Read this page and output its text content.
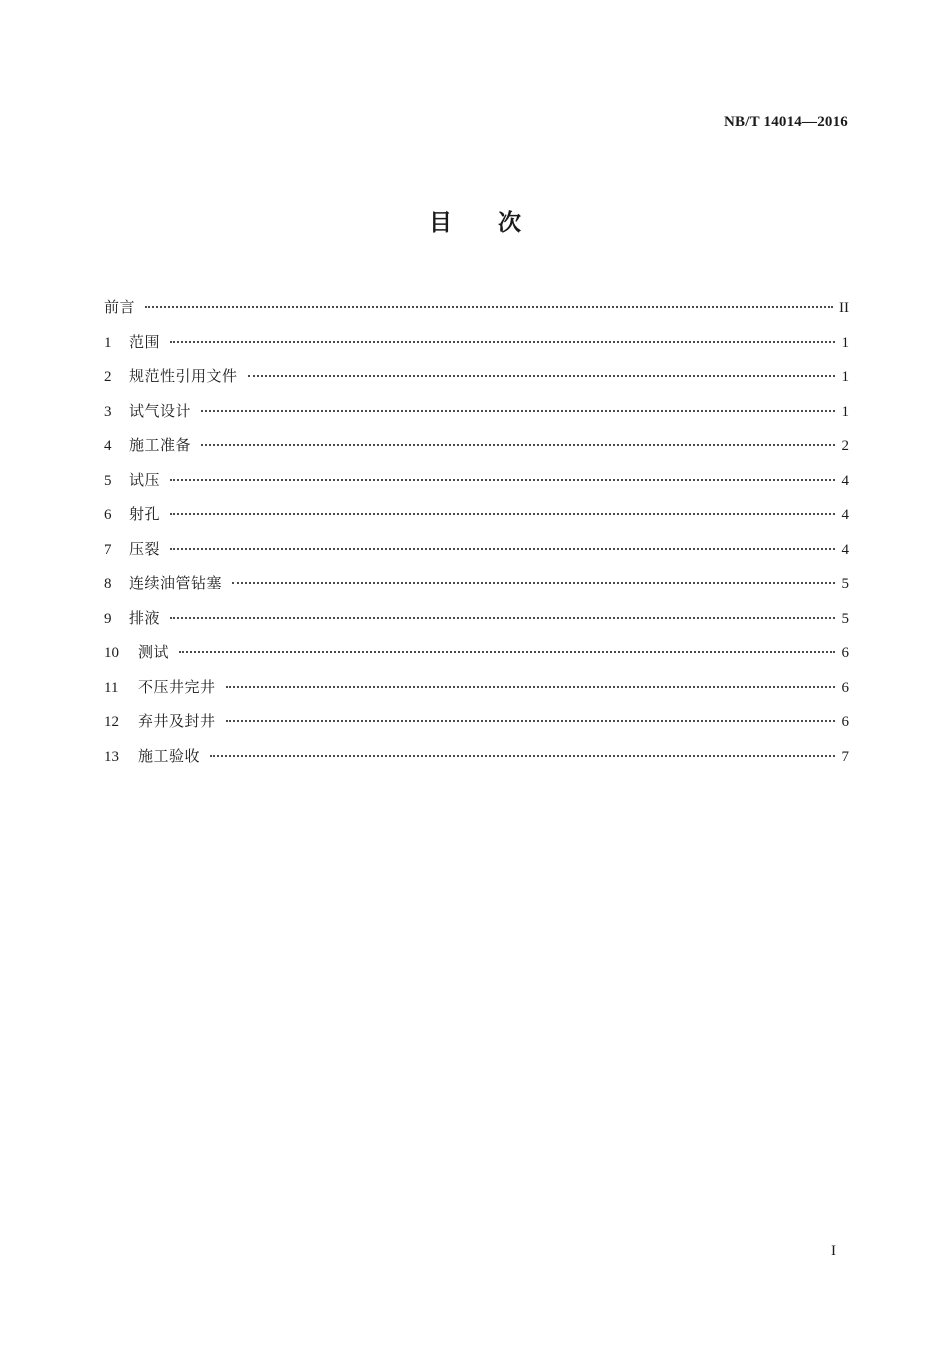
NB/T 14014—2016
目次
前言	II
1	范围	1
2	规范性引用文件	1
3	试气设计	1
4	施工准备	2
5	试压	4
6	射孔	4
7	压裂	4
8	连续油管钻塞	5
9	排液	5
10	测试	6
11	不压井完井	6
12	弃井及封井	6
13	施工验收	7
I
